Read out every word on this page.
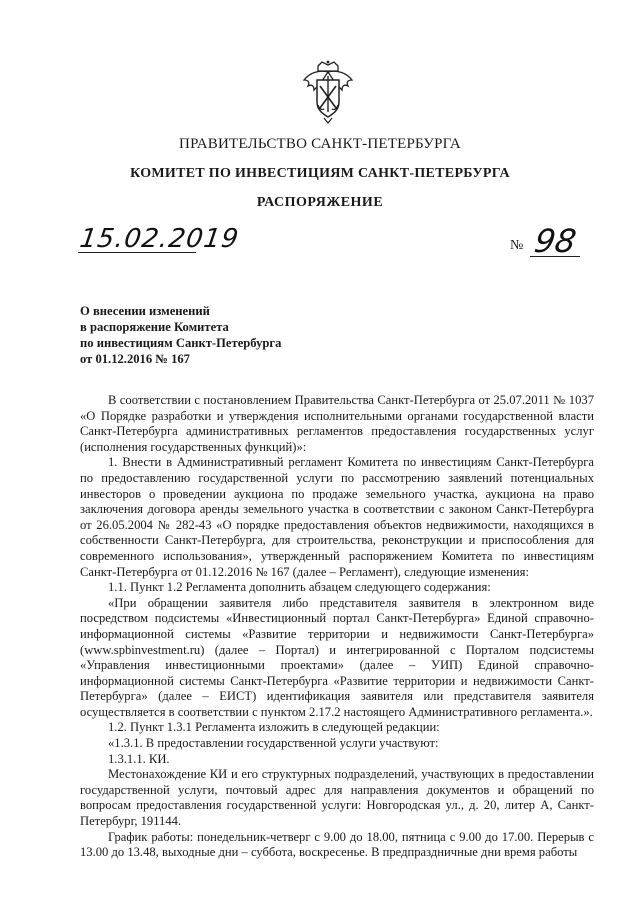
ПРАВИТЕЛЬСТВО САНКТ-ПЕТЕРБУРГА
КОМИТЕТ ПО ИНВЕСТИЦИЯМ САНКТ-ПЕТЕРБУРГА
РАСПОРЯЖЕНИЕ
15.02.2019	№ 98
О внесении изменений
в распоряжение Комитета
по инвестициям Санкт-Петербурга
от 01.12.2016 № 167

В соответствии с постановлением Правительства Санкт-Петербурга от 25.07.2011 № 1037 «О Порядке разработки и утверждения исполнительными органами государственной власти Санкт-Петербурга административных регламентов предоставления государственных услуг (исполнения государственных функций)»:

1. Внести в Административный регламент Комитета по инвестициям Санкт-Петербурга по предоставлению государственной услуги по рассмотрению заявлений потенциальных инвесторов о проведении аукциона по продаже земельного участка, аукциона на право заключения договора аренды земельного участка в соответствии с законом Санкт-Петербурга от 26.05.2004 № 282-43 «О порядке предоставления объектов недвижимости, находящихся в собственности Санкт-Петербурга, для строительства, реконструкции и приспособления для современного использования», утвержденный распоряжением Комитета по инвестициям Санкт-Петербурга от 01.12.2016 № 167 (далее – Регламент), следующие изменения:

1.1. Пункт 1.2 Регламента дополнить абзацем следующего содержания:

«При обращении заявителя либо представителя заявителя в электронном виде посредством подсистемы «Инвестиционный портал Санкт-Петербурга» Единой справочно-информационной системы «Развитие территории и недвижимости Санкт-Петербурга» (www.spbinvestment.ru) (далее – Портал) и интегрированной с Порталом подсистемы «Управления инвестиционными проектами» (далее – УИП) Единой справочно-информационной системы Санкт-Петербурга «Развитие территории и недвижимости Санкт-Петербурга» (далее – ЕИСТ) идентификация заявителя или представителя заявителя осуществляется в соответствии с пунктом 2.17.2 настоящего Административного регламента.».

1.2. Пункт 1.3.1 Регламента изложить в следующей редакции:

«1.3.1. В предоставлении государственной услуги участвуют:

1.3.1.1. КИ.

Местонахождение КИ и его структурных подразделений, участвующих в предоставлении государственной услуги, почтовый адрес для направления документов и обращений по вопросам предоставления государственной услуги: Новгородская ул., д. 20, литер А, Санкт-Петербург, 191144.

График работы: понедельник-четверг с 9.00 до 18.00, пятница с 9.00 до 17.00. Перерыв с 13.00 до 13.48, выходные дни – суббота, воскресенье. В предпраздничные дни время работы
